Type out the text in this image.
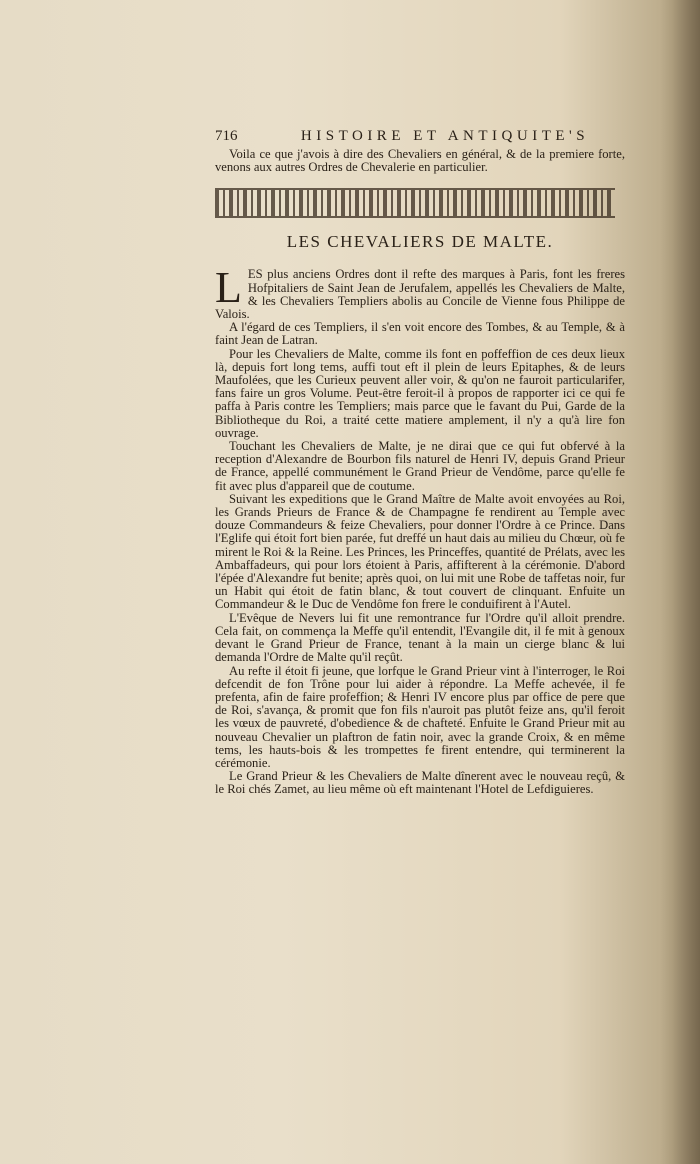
716	HISTOIRE ET ANTIQUITE'S

Voila ce que j'avois à dire des Chevaliers en général, & de la premiere forte, venons aux autres Ordres de Chevalerie en particulier.

LES CHEVALIERS DE MALTE.

LES plus anciens Ordres dont il refte des marques à Paris, font les freres Hofpitaliers de Saint Jean de Jerufalem, appellés les Chevaliers de Malte, & les Chevaliers Templiers abolis au Concile de Vienne fous Philippe de Valois.

A l'égard de ces Templiers, il s'en voit encore des Tombes, & au Temple, & à faint Jean de Latran.

Pour les Chevaliers de Malte, comme ils font en poffeffion de ces deux lieux là, depuis fort long tems, auffi tout eft il plein de leurs Epitaphes, & de leurs Maufolées, que les Curieux peuvent aller voir, & qu'on ne fauroit particularifer, fans faire un gros Volume. Peut-être feroit-il à propos de rapporter ici ce qui fe paffa à Paris contre les Templiers; mais parce que le favant du Pui, Garde de la Bibliotheque du Roi, a traité cette matiere amplement, il n'y a qu'à lire fon ouvrage.

Touchant les Chevaliers de Malte, je ne dirai que ce qui fut obfervé à la reception d'Alexandre de Bourbon fils naturel de Henri IV, depuis Grand Prieur de France, appellé communément le Grand Prieur de Vendôme, parce qu'elle fe fit avec plus d'appareil que de coutume.

Suivant les expeditions que le Grand Maître de Malte avoit envoyées au Roi, les Grands Prieurs de France & de Champagne fe rendirent au Temple avec douze Commandeurs & feize Chevaliers, pour donner l'Ordre à ce Prince. Dans l'Eglife qui étoit fort bien parée, fut dreffé un haut dais au milieu du Chœur, où fe mirent le Roi & la Reine. Les Princes, les Princeffes, quantité de Prélats, avec les Ambaffadeurs, qui pour lors étoient à Paris, affifterent à la cérémonie. D'abord l'épée d'Alexandre fut benite; après quoi, on lui mit une Robe de taffetas noir, fur un Habit qui étoit de fatin blanc, & tout couvert de clinquant. Enfuite un Commandeur & le Duc de Vendôme fon frere le conduifirent à l'Autel.

L'Evêque de Nevers lui fit une remontrance fur l'Ordre qu'il alloit prendre. Cela fait, on commença la Meffe qu'il entendit, l'Evangile dit, il fe mit à genoux devant le Grand Prieur de France, tenant à la main un cierge blanc & lui demanda l'Ordre de Malte qu'il reçût.

Au refte il étoit fi jeune, que lorfque le Grand Prieur vint à l'interroger, le Roi defcendit de fon Trône pour lui aider à répondre. La Meffe achevée, il fe prefenta, afin de faire profeffion; & Henri IV encore plus par office de pere que de Roi, s'avança, & promit que fon fils n'auroit pas plutôt feize ans, qu'il feroit les vœux de pauvreté, d'obedience & de chafteté. Enfuite le Grand Prieur mit au nouveau Chevalier un plaftron de fatin noir, avec la grande Croix, & en même tems, les hauts-bois & les trompettes fe firent entendre, qui terminerent la cérémonie.

Le Grand Prieur & les Chevaliers de Malte dînerent avec le nouveau reçû, & le Roi chés Zamet, au lieu même où eft maintenant l'Hotel de Lefdiguieres.
